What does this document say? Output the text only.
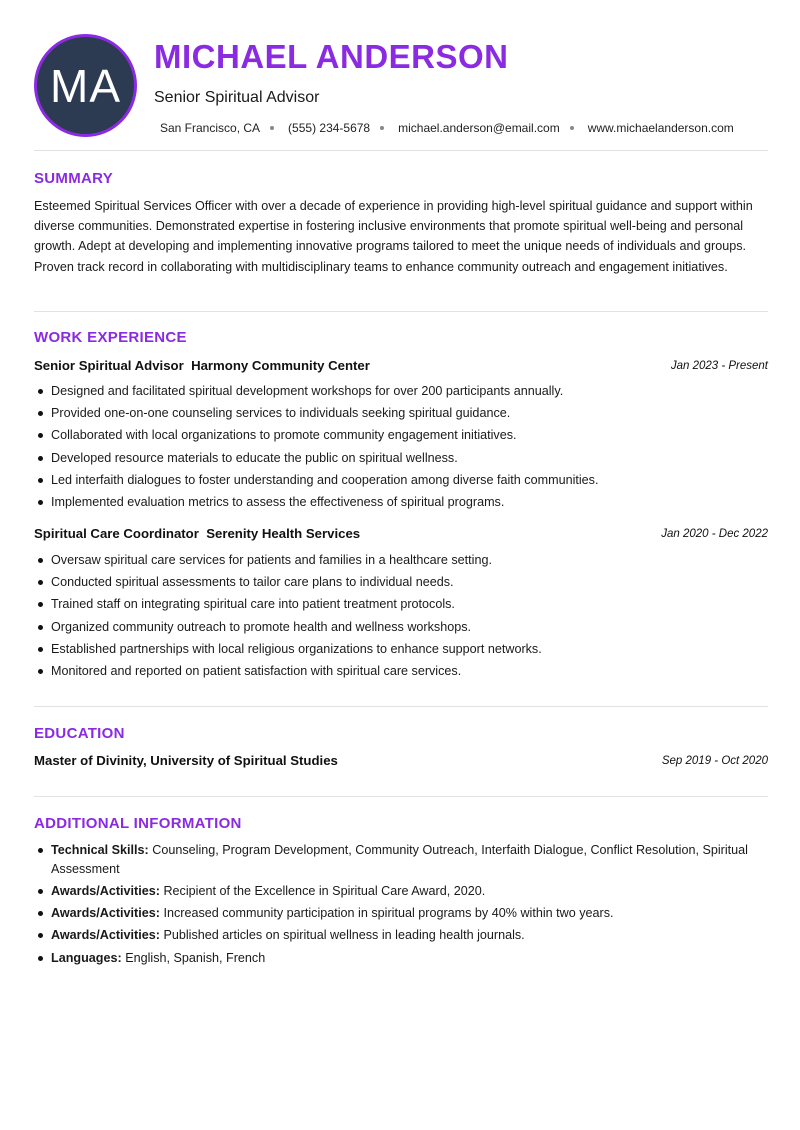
MA
MICHAEL ANDERSON
Senior Spiritual Advisor
San Francisco, CA (555) 234-5678 michael.anderson@email.com www.michaelanderson.com
SUMMARY
Esteemed Spiritual Services Officer with over a decade of experience in providing high-level spiritual guidance and support within diverse communities. Demonstrated expertise in fostering inclusive environments that promote spiritual well-being and personal growth. Adept at developing and implementing innovative programs tailored to meet the unique needs of individuals and groups. Proven track record in collaborating with multidisciplinary teams to enhance community outreach and engagement initiatives.
WORK EXPERIENCE
Senior Spiritual Advisor Harmony Community Center	Jan 2023 - Present
Designed and facilitated spiritual development workshops for over 200 participants annually.
Provided one-on-one counseling services to individuals seeking spiritual guidance.
Collaborated with local organizations to promote community engagement initiatives.
Developed resource materials to educate the public on spiritual wellness.
Led interfaith dialogues to foster understanding and cooperation among diverse faith communities.
Implemented evaluation metrics to assess the effectiveness of spiritual programs.
Spiritual Care Coordinator Serenity Health Services	Jan 2020 - Dec 2022
Oversaw spiritual care services for patients and families in a healthcare setting.
Conducted spiritual assessments to tailor care plans to individual needs.
Trained staff on integrating spiritual care into patient treatment protocols.
Organized community outreach to promote health and wellness workshops.
Established partnerships with local religious organizations to enhance support networks.
Monitored and reported on patient satisfaction with spiritual care services.
EDUCATION
Master of Divinity, University of Spiritual Studies	Sep 2019 - Oct 2020
ADDITIONAL INFORMATION
Technical Skills: Counseling, Program Development, Community Outreach, Interfaith Dialogue, Conflict Resolution, Spiritual Assessment
Awards/Activities: Recipient of the Excellence in Spiritual Care Award, 2020.
Awards/Activities: Increased community participation in spiritual programs by 40% within two years.
Awards/Activities: Published articles on spiritual wellness in leading health journals.
Languages: English, Spanish, French
